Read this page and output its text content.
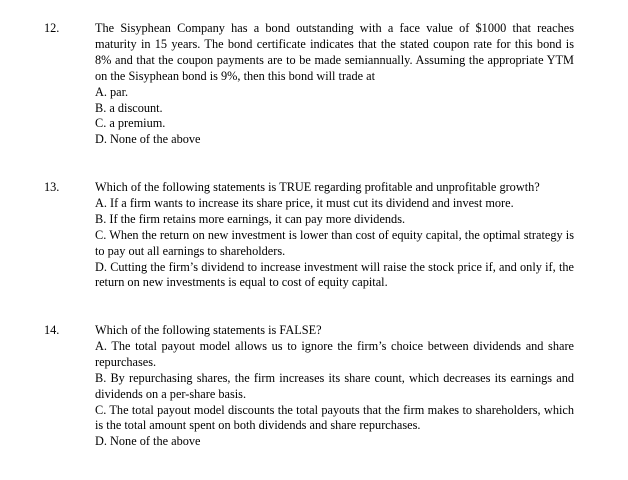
12.	The Sisyphean Company has a bond outstanding with a face value of $1000 that reaches maturity in 15 years. The bond certificate indicates that the stated coupon rate for this bond is 8% and that the coupon payments are to be made semiannually. Assuming the appropriate YTM on the Sisyphean bond is 9%, then this bond will trade at

A. par.

B. a discount.

C. a premium.

D. None of the above

13.	Which of the following statements is TRUE regarding profitable and unprofitable growth?

A. If a firm wants to increase its share price, it must cut its dividend and invest more.

B. If the firm retains more earnings, it can pay more dividends.

C. When the return on new investment is lower than cost of equity capital, the optimal strategy is to pay out all earnings to shareholders.

D. Cutting the firm’s dividend to increase investment will raise the stock price if, and only if, the return on new investments is equal to cost of equity capital.

14.	Which of the following statements is FALSE?

A. The total payout model allows us to ignore the firm’s choice between dividends and share repurchases.

B. By repurchasing shares, the firm increases its share count, which decreases its earnings and dividends on a per-share basis.

C. The total payout model discounts the total payouts that the firm makes to shareholders, which is the total amount spent on both dividends and share repurchases.

D. None of the above
